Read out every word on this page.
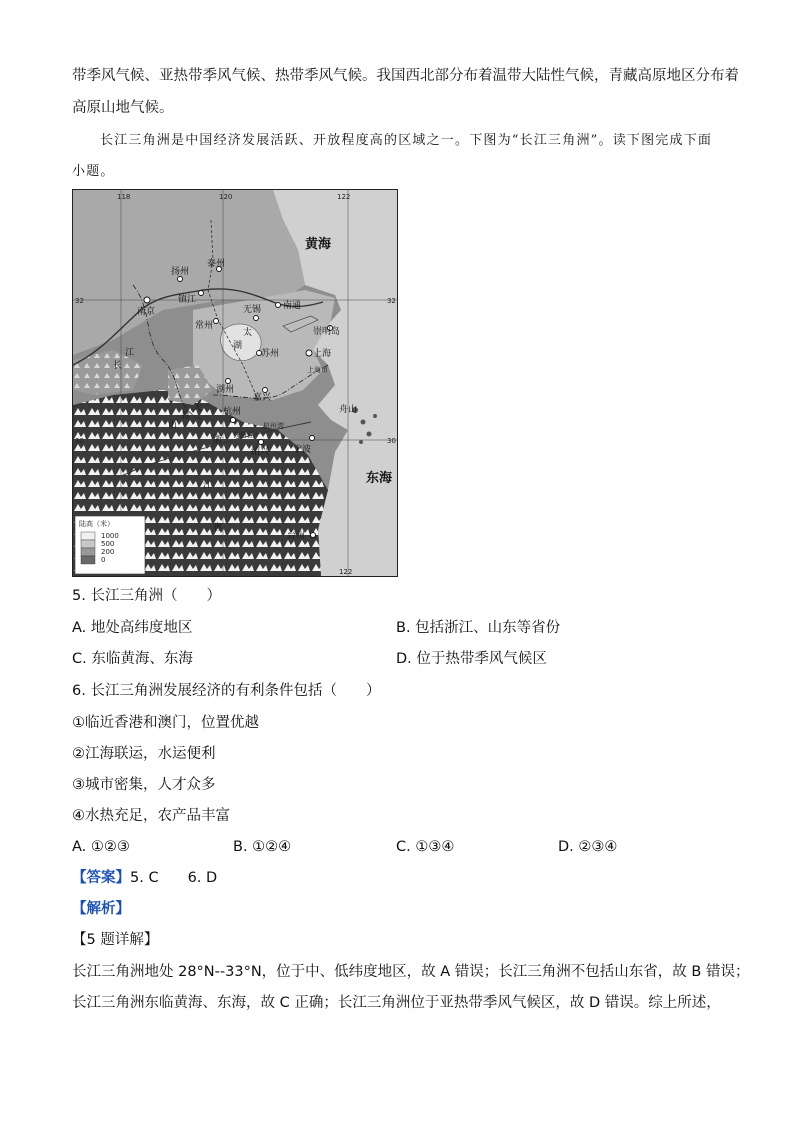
带季风气候、亚热带季风气候、热带季风气候。我国西北部分布着温带大陆性气候，青藏高原地区分布着
高原山地气候。
长江三角洲是中国经济发展活跃、开放程度高的区域之一。下图为“长江三角洲”。读下图完成下面
小题。
黄海
东海
泰州
扬州
镇江
南京
常州
无锡
苏州
南通
崇明岛
上海
上海市
嘉兴
湖州
杭州
绍兴	宁波
台州
舟山
长
江
太
湖
天
目
山
浙
江
省
杭州湾
钱塘江
118	120	122
32	32
30	30
122
陆高（米）
1000
500
200
0
5. 长江三角洲（　　）
A. 地处高纬度地区	B. 包括浙江、山东等省份
C. 东临黄海、东海	D. 位于热带季风气候区
6. 长江三角洲发展经济的有利条件包括（　　）
①临近香港和澳门，位置优越
②江海联运，水运便利
③城市密集，人才众多
④水热充足，农产品丰富
A. ①②③	B. ①②④	C. ①③④	D. ②③④
【答案】5. C　　6. D
【解析】
【5 题详解】
长江三角洲地处 28°N--33°N，位于中、低纬度地区，故 A 错误；长江三角洲不包括山东省，故 B 错误；
长江三角洲东临黄海、东海，故 C 正确；长江三角洲位于亚热带季风气候区，故 D 错误。综上所述，
